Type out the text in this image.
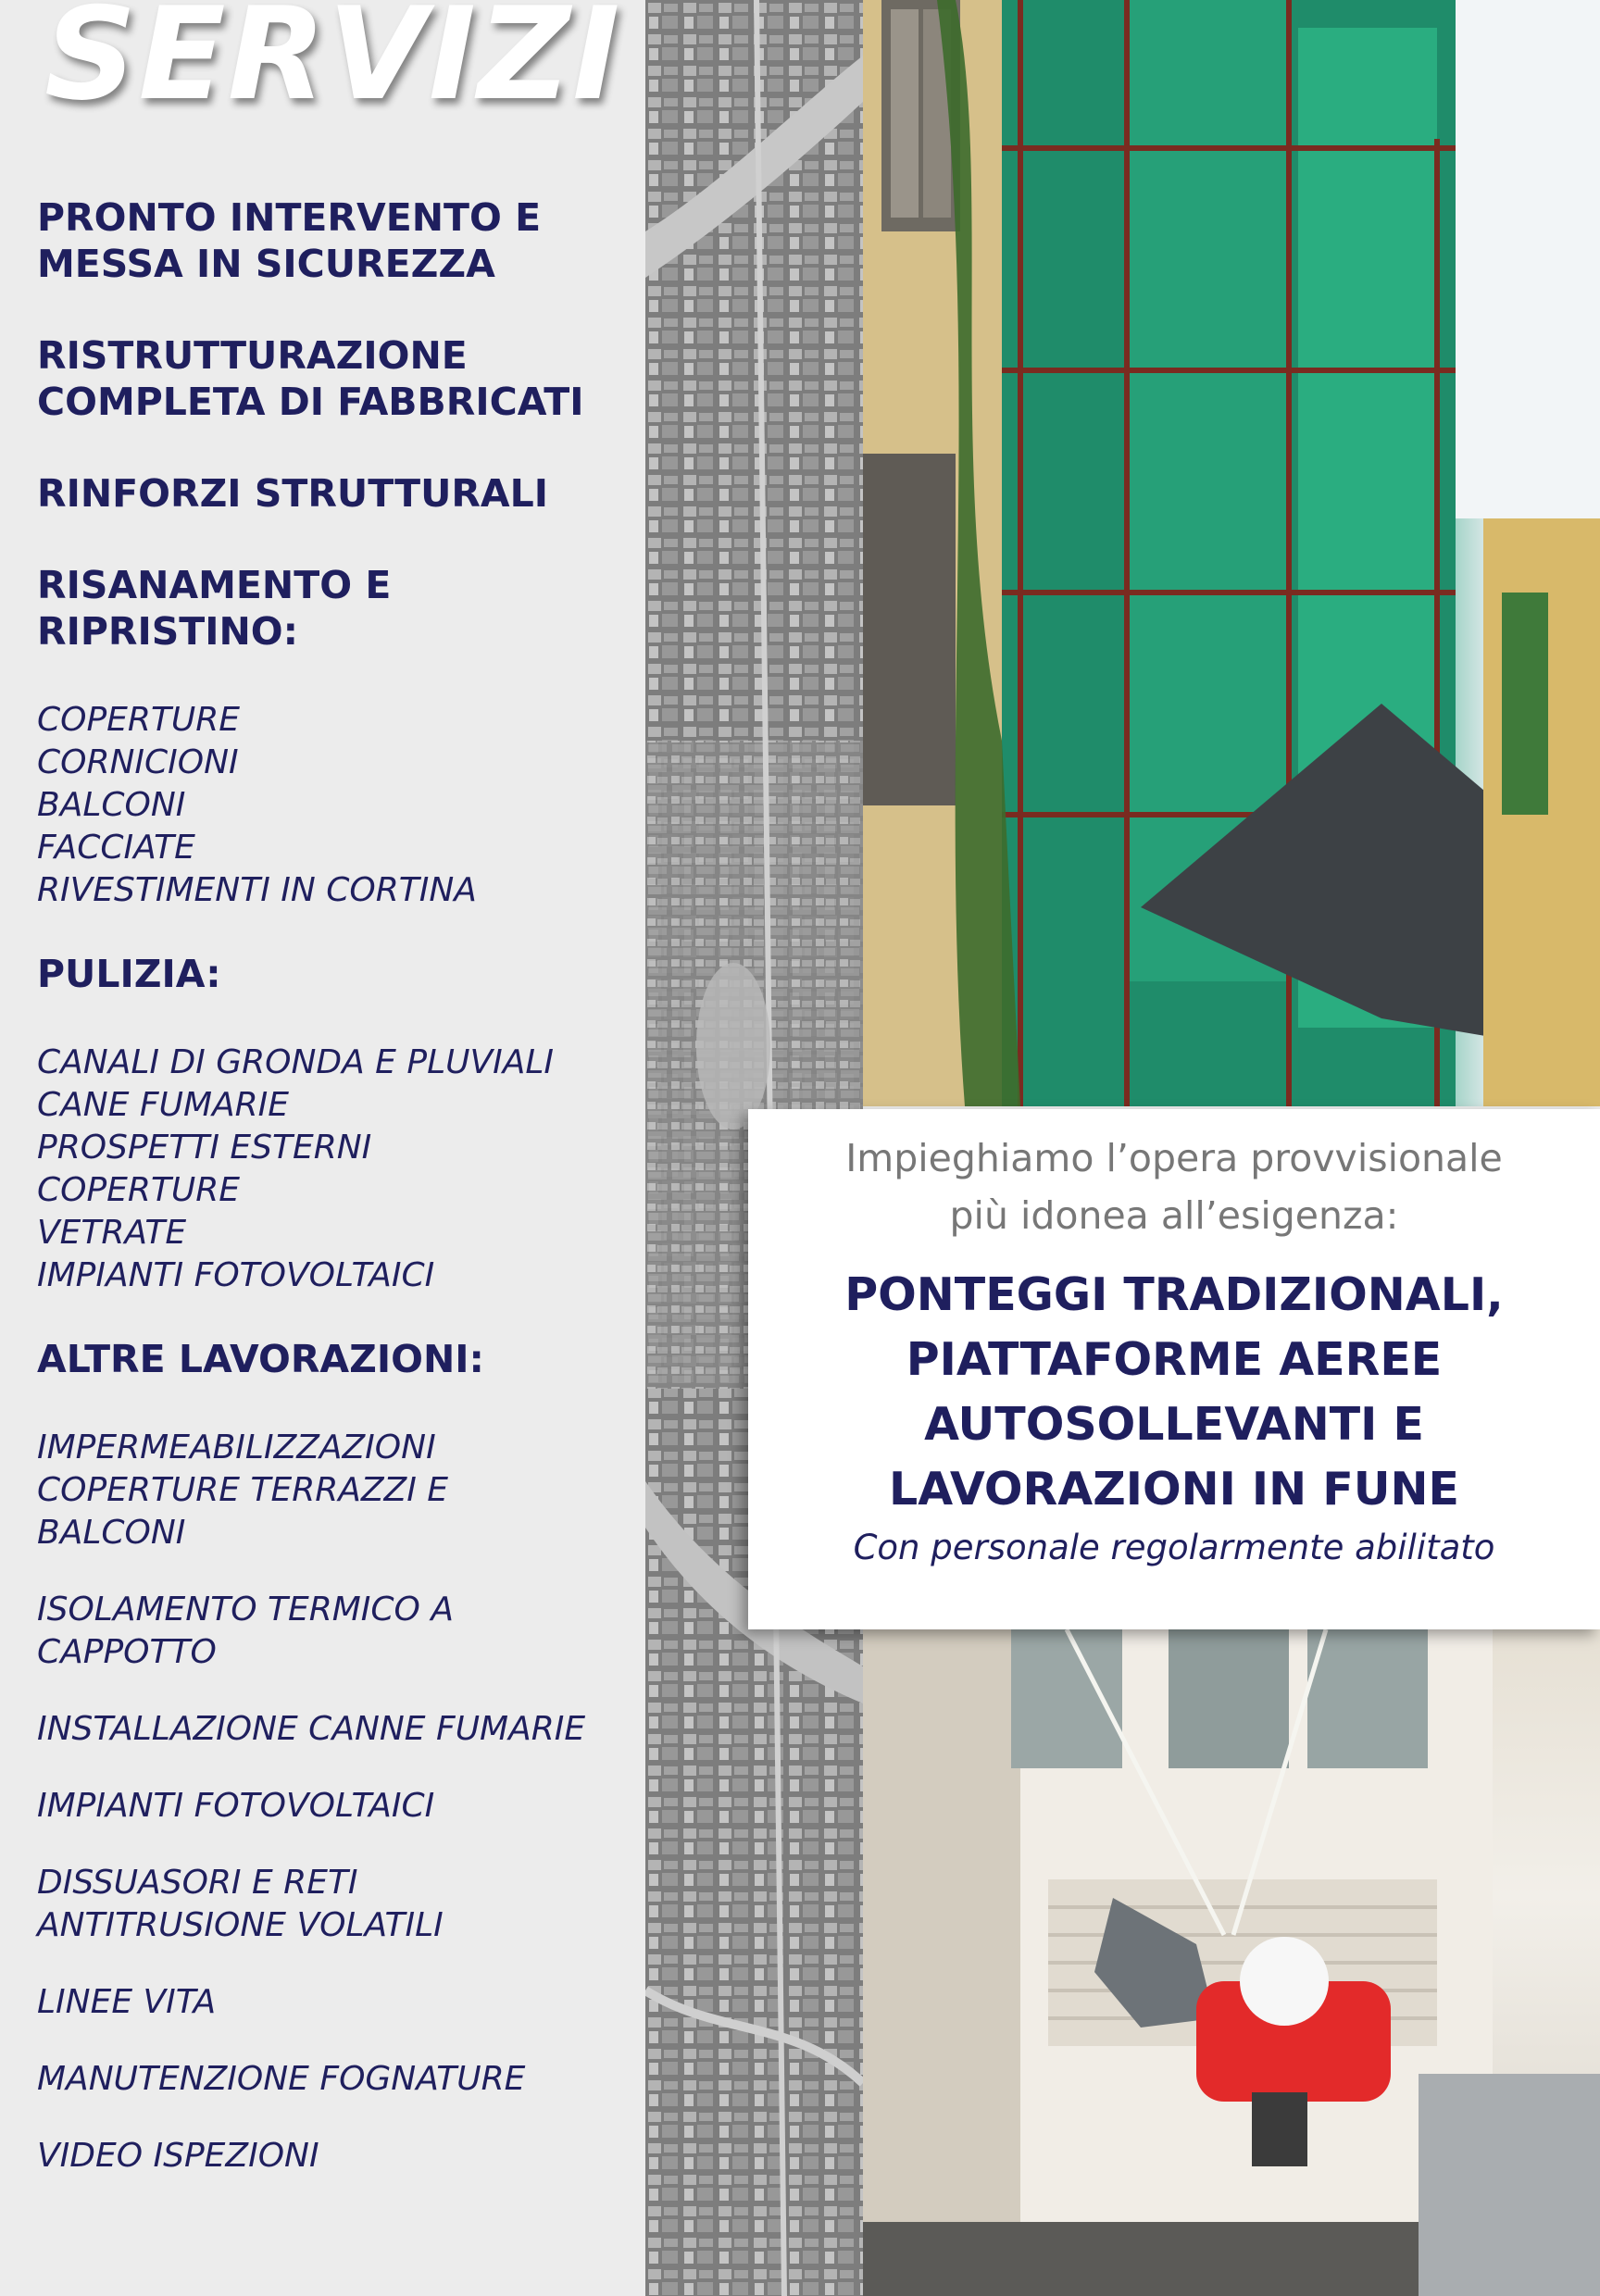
SERVIZI
PRONTO INTERVENTO E
MESSA IN SICUREZZA
RISTRUTTURAZIONE
COMPLETA DI FABBRICATI
RINFORZI STRUTTURALI
RISANAMENTO E
RIPRISTINO:
COPERTURE
CORNICIONI
BALCONI
FACCIATE
RIVESTIMENTI IN CORTINA
PULIZIA:
CANALI DI GRONDA E PLUVIALI
CANE FUMARIE
PROSPETTI ESTERNI
COPERTURE
VETRATE
IMPIANTI FOTOVOLTAICI
ALTRE LAVORAZIONI:
IMPERMEABILIZZAZIONI
COPERTURE TERRAZZI E
BALCONI
ISOLAMENTO TERMICO A
CAPPOTTO
INSTALLAZIONE CANNE FUMARIE
IMPIANTI FOTOVOLTAICI
DISSUASORI E RETI
ANTITRUSIONE VOLATILI
LINEE VITA
MANUTENZIONE FOGNATURE
VIDEO ISPEZIONI
Impieghiamo l’opera provvisionale
più idonea all’esigenza:
PONTEGGI TRADIZIONALI,
PIATTAFORME AEREE
AUTOSOLLEVANTI E
LAVORAZIONI IN FUNE
Con personale regolarmente abilitato
